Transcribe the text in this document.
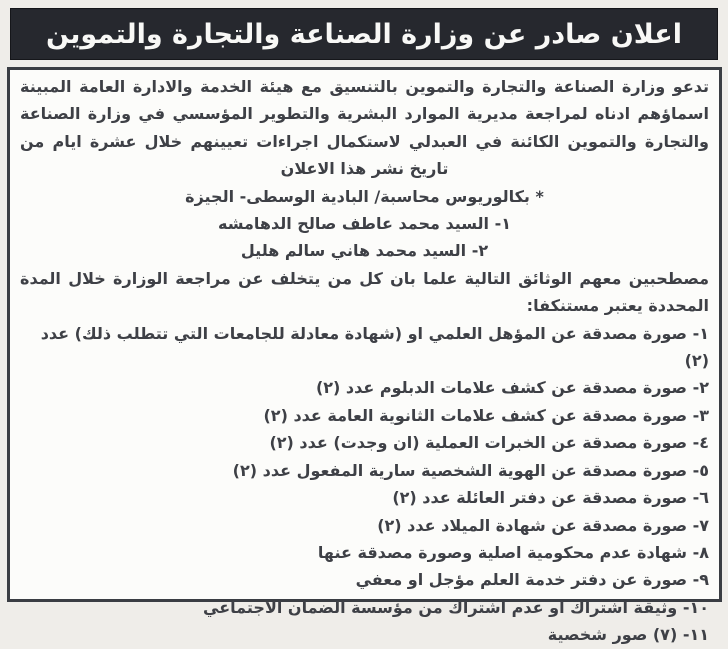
اعلان صادر عن وزارة الصناعة والتجارة والتموين

تدعو وزارة الصناعة والتجارة والتموين بالتنسيق مع هيئة الخدمة والادارة العامة المبينة اسماؤهم ادناه لمراجعة مديرية الموارد البشرية والتطوير المؤسسي في وزارة الصناعة والتجارة والتموين الكائنة في العبدلي لاستكمال اجراءات تعيينهم خلال عشرة ايام من تاريخ نشر هذا الاعلان

* بكالوريوس محاسبة/ البادية الوسطى- الجيزة
١- السيد محمد عاطف صالح الدهامشه
٢- السيد محمد هاني سالم هليل

مصطحبين معهم الوثائق التالية علما بان كل من يتخلف عن مراجعة الوزارة خلال المدة المحددة يعتبر مستنكفا:

١- صورة مصدقة عن المؤهل العلمي او (شهادة معادلة للجامعات التي تتطلب ذلك) عدد (٢)
٢- صورة مصدقة عن كشف علامات الدبلوم عدد (٢)
٣- صورة مصدقة عن كشف علامات الثانوية العامة عدد (٢)
٤- صورة مصدقة عن الخبرات العملية (ان وجدت) عدد (٢)
٥- صورة مصدقة عن الهوية الشخصية سارية المفعول عدد (٢)
٦- صورة مصدقة عن دفتر العائلة عدد (٢)
٧- صورة مصدقة عن شهادة الميلاد عدد (٢)
٨- شهادة عدم محكومية اصلية وصورة مصدقة عنها
٩- صورة عن دفتر خدمة العلم مؤجل او معفي
١٠- وثيقة اشتراك او عدم اشتراك من مؤسسة الضمان الاجتماعي
١١- (٧) صور شخصية
